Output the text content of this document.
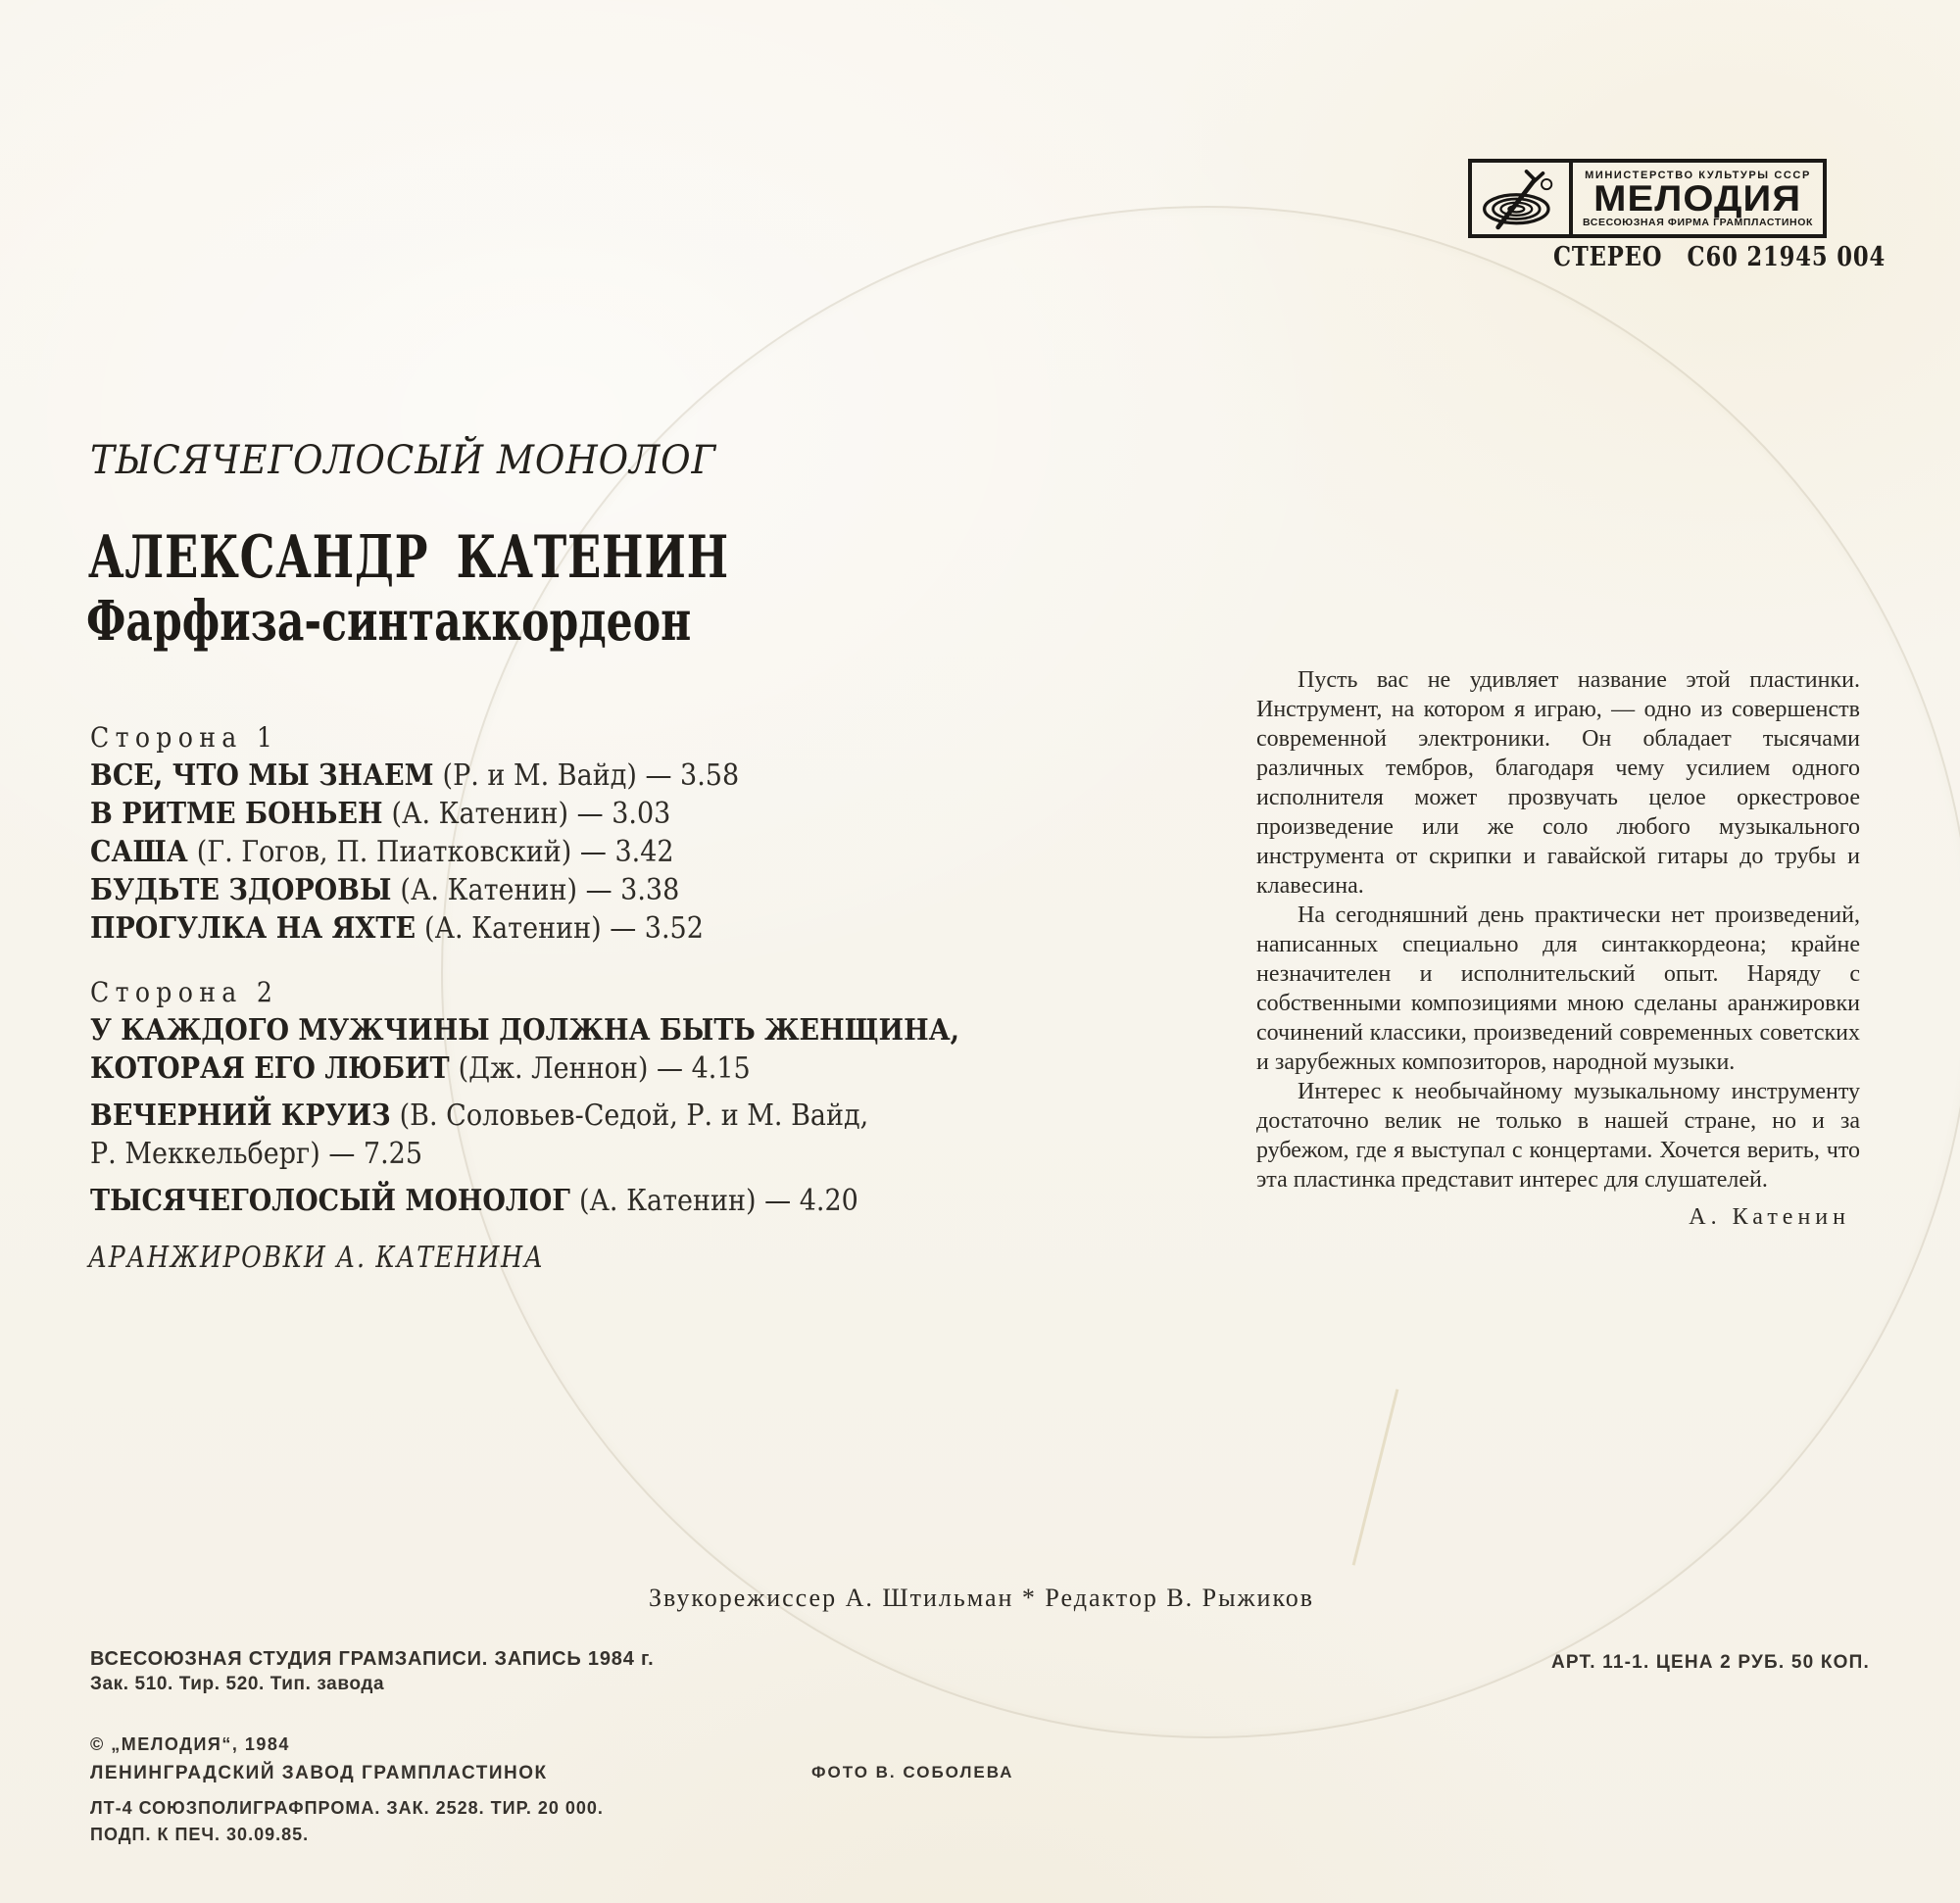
МИНИСТЕРСТВО КУЛЬТУРЫ СССР
МЕЛОДИЯ
ВСЕСОЮЗНАЯ ФИРМА ГРАМПЛАСТИНОК
СТЕРЕО С60 21945 004
ТЫСЯЧЕГОЛОСЫЙ МОНОЛОГ
АЛЕКСАНДР КАТЕНИН
Фарфиза-синтаккордеон
Сторона 1
ВСЕ, ЧТО МЫ ЗНАЕМ (Р. и М. Вайд) — 3.58
В РИТМЕ БОНЬЕН (А. Катенин) — 3.03
САША (Г. Гогов, П. Пиатковский) — 3.42
БУДЬТЕ ЗДОРОВЫ (А. Катенин) — 3.38
ПРОГУЛКА НА ЯХТЕ (А. Катенин) — 3.52
Сторона 2
У КАЖДОГО МУЖЧИНЫ ДОЛЖНА БЫТЬ ЖЕНЩИНА,
КОТОРАЯ ЕГО ЛЮБИТ (Дж. Леннон) — 4.15
ВЕЧЕРНИЙ КРУИЗ (В. Соловьев-Седой, Р. и М. Вайд,
Р. Меккельберг) — 7.25
ТЫСЯЧЕГОЛОСЫЙ МОНОЛОГ (А. Катенин) — 4.20
АРАНЖИРОВКИ А. КАТЕНИНА

Пусть вас не удивляет название этой пластинки. Инструмент, на котором я играю, — одно из совершенств современной электроники. Он обладает тысячами различных тембров, благодаря чему усилием одного исполнителя может прозвучать целое оркестровое произведение или же соло любого музыкального инструмента от скрипки и гавайской гитары до трубы и клавесина.

На сегодняшний день практически нет произведений, написанных специально для синтаккордеона; крайне незначителен и исполнительский опыт. Наряду с собственными композициями мною сделаны аранжировки сочинений классики, произведений современных советских и зарубежных композиторов, народной музыки.

Интерес к необычайному музыкальному инструменту достаточно велик не только в нашей стране, но и за рубежом, где я выступал с концертами. Хочется верить, что эта пластинка представит интерес для слушателей.

А. Катенин
Звукорежиссер А. Штильман * Редактор В. Рыжиков
ВСЕСОЮЗНАЯ СТУДИЯ ГРАМЗАПИСИ. ЗАПИСЬ 1984 г.
Зак. 510. Тир. 520. Тип. завода
АРТ. 11-1. ЦЕНА 2 РУБ. 50 КОП.
© „МЕЛОДИЯ“, 1984
ЛЕНИНГРАДСКИЙ ЗАВОД ГРАМПЛАСТИНОК
ЛТ-4 СОЮЗПОЛИГРАФПРОМА. ЗАК. 2528. ТИР. 20 000.
ПОДП. К ПЕЧ. 30.09.85.
ФОТО В. СОБОЛЕВА
